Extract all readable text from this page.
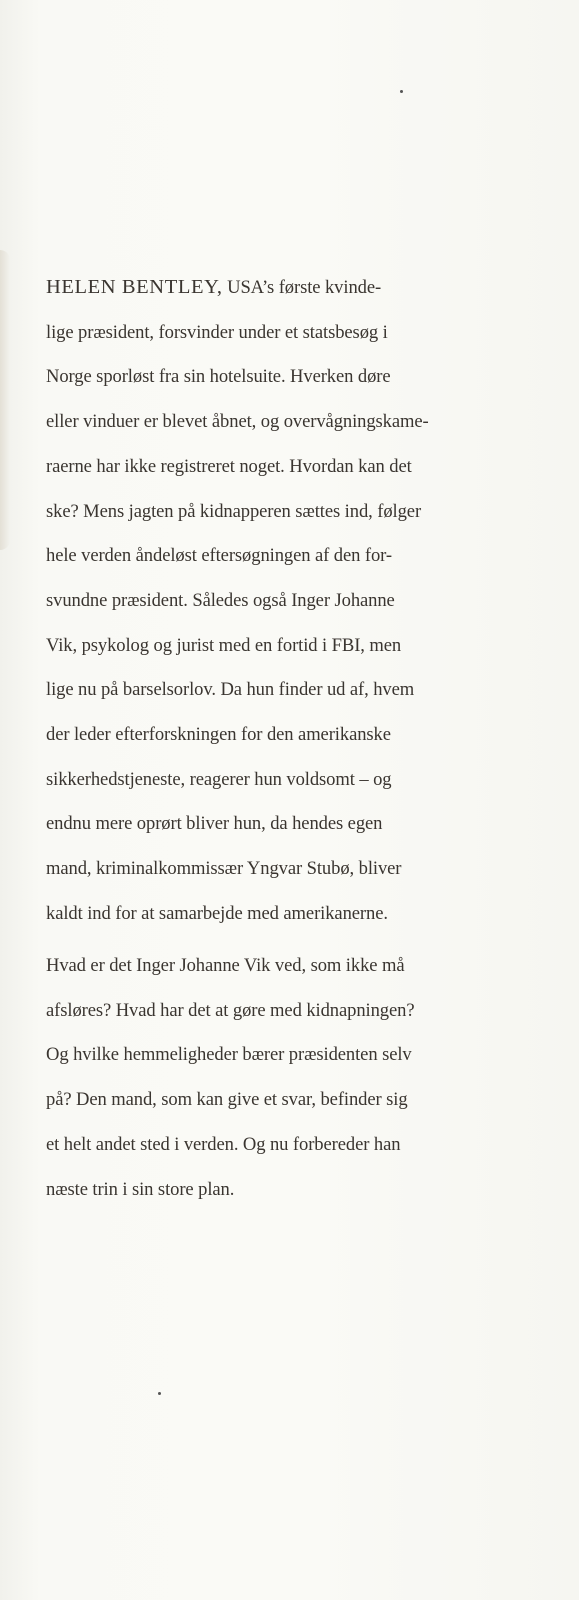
HELEN BENTLEY, USA’s første kvinde-
lige præsident, forsvinder under et statsbesøg i
Norge sporløst fra sin hotelsuite. Hverken døre
eller vinduer er blevet åbnet, og overvågningskame-
raerne har ikke registreret noget. Hvordan kan det
ske? Mens jagten på kidnapperen sættes ind, følger
hele verden åndeløst eftersøgningen af den for-
svundne præsident. Således også Inger Johanne
Vik, psykolog og jurist med en fortid i FBI, men
lige nu på barselsorlov. Da hun finder ud af, hvem
der leder efterforskningen for den amerikanske
sikkerhedstjeneste, reagerer hun voldsomt – og
endnu mere oprørt bliver hun, da hendes egen
mand, kriminalkommissær Yngvar Stubø, bliver
kaldt ind for at samarbejde med amerikanerne.
Hvad er det Inger Johanne Vik ved, som ikke må
afsløres? Hvad har det at gøre med kidnapningen?
Og hvilke hemmeligheder bærer præsidenten selv
på? Den mand, som kan give et svar, befinder sig
et helt andet sted i verden. Og nu forbereder han
næste trin i sin store plan.
